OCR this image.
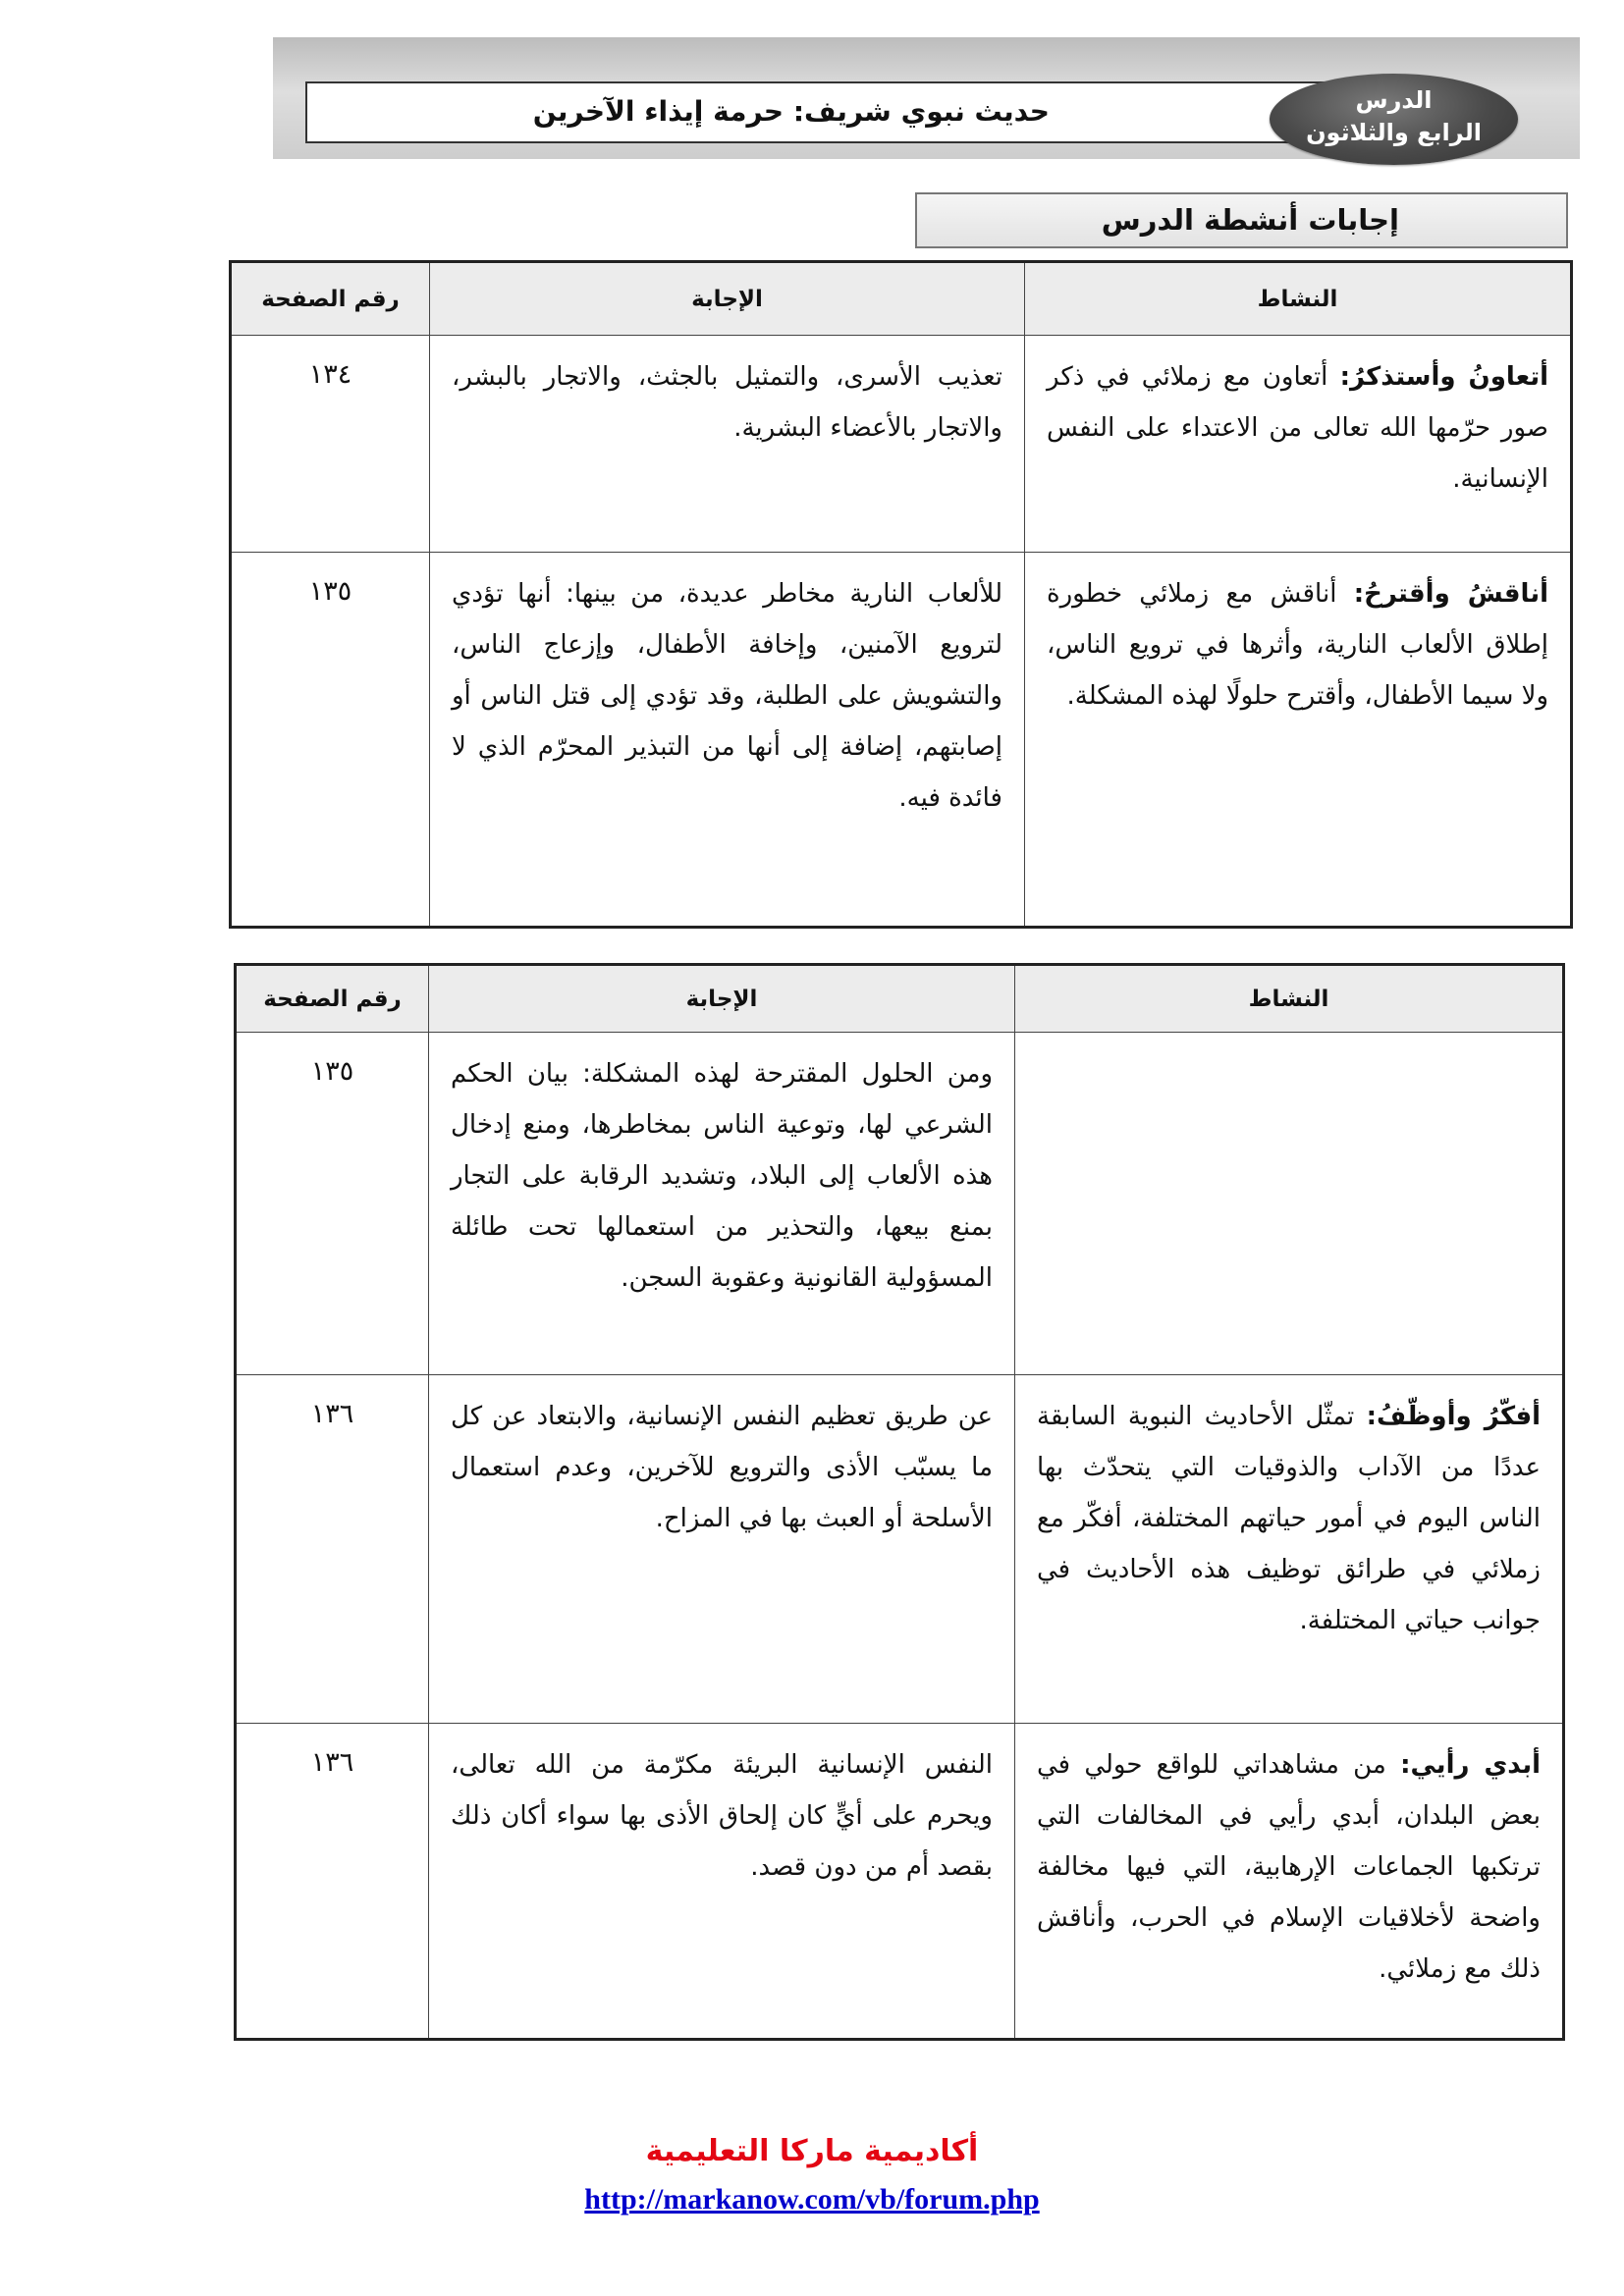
حديث نبوي شريف: حرمة إيذاء الآخرين	الدرس
الرابع والثلاثون
إجابات أنشطة الدرس
النشاط	الإجابة	رقم الصفحة
أتعاونُ وأستذكرُ: أتعاون مع زملائي في ذكر صور حرّمها الله تعالى من الاعتداء على النفس الإنسانية.	تعذيب الأسرى، والتمثيل بالجثث، والاتجار بالبشر، والاتجار بالأعضاء البشرية.	١٣٤
أناقشُ وأقترحُ: أناقش مع زملائي خطورة إطلاق الألعاب النارية، وأثرها في ترويع الناس، ولا سيما الأطفال، وأقترح حلولًا لهذه المشكلة.	للألعاب النارية مخاطر عديدة، من بينها: أنها تؤدي لترويع الآمنين، وإخافة الأطفال، وإزعاج الناس، والتشويش على الطلبة، وقد تؤدي إلى قتل الناس أو إصابتهم، إضافة إلى أنها من التبذير المحرّم الذي لا فائدة فيه.	١٣٥
النشاط	الإجابة	رقم الصفحة
	ومن الحلول المقترحة لهذه المشكلة: بيان الحكم الشرعي لها، وتوعية الناس بمخاطرها، ومنع إدخال هذه الألعاب إلى البلاد، وتشديد الرقابة على التجار بمنع بيعها، والتحذير من استعمالها تحت طائلة المسؤولية القانونية وعقوبة السجن.	١٣٥
أفكّرُ وأوظّفُ: تمثّل الأحاديث النبوية السابقة عددًا من الآداب والذوقيات التي يتحدّث بها الناس اليوم في أمور حياتهم المختلفة، أفكّر مع زملائي في طرائق توظيف هذه الأحاديث في جوانب حياتي المختلفة.	عن طريق تعظيم النفس الإنسانية، والابتعاد عن كل ما يسبّب الأذى والترويع للآخرين، وعدم استعمال الأسلحة أو العبث بها في المزاح.	١٣٦
أبدي رأيي: من مشاهداتي للواقع حولي في بعض البلدان، أبدي رأيي في المخالفات التي ترتكبها الجماعات الإرهابية، التي فيها مخالفة واضحة لأخلاقيات الإسلام في الحرب، وأناقش ذلك مع زملائي.	النفس الإنسانية البريئة مكرّمة من الله تعالى، ويحرم على أيٍّ كان إلحاق الأذى بها سواء أكان ذلك بقصد أم من دون قصد.	١٣٦
أكاديمية ماركا التعليمية
http://markanow.com/vb/forum.php
